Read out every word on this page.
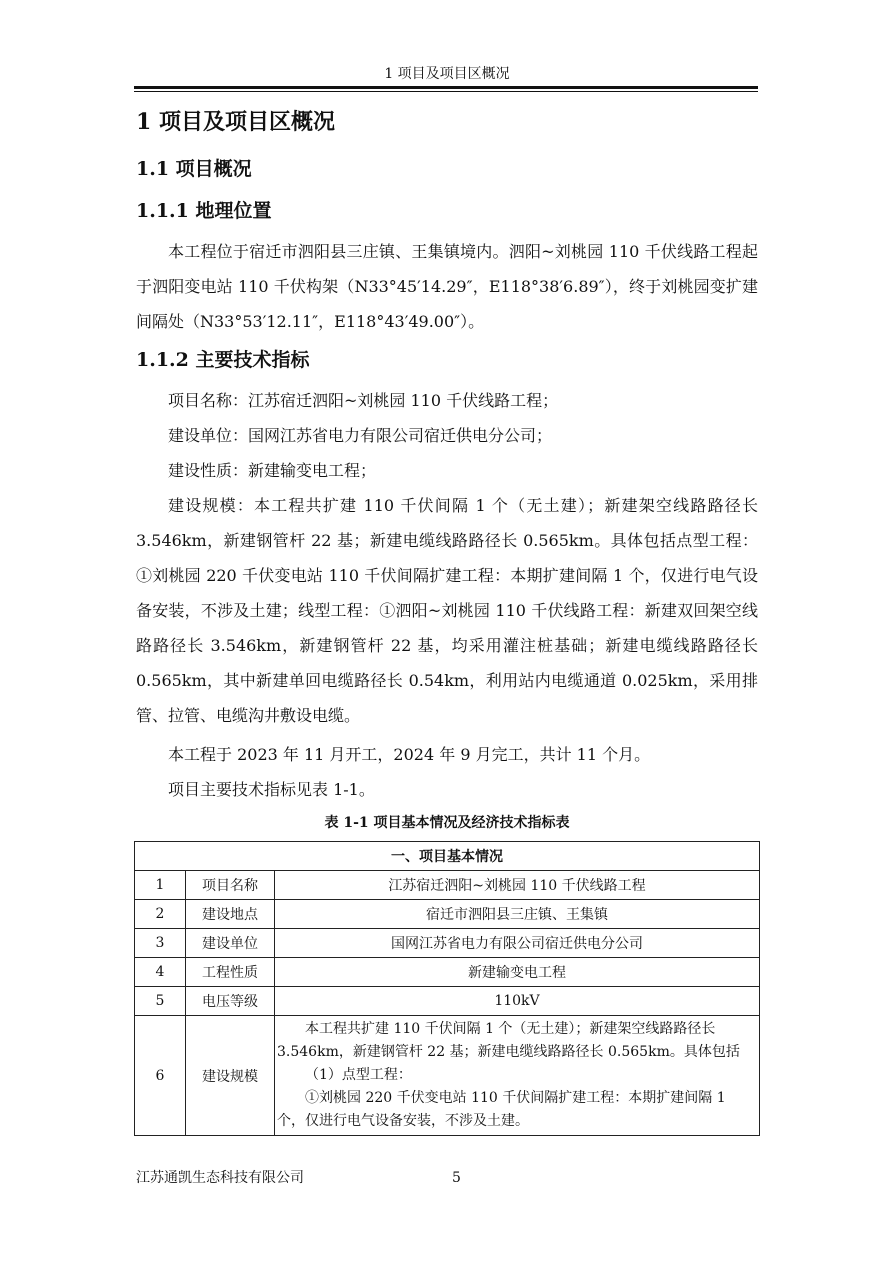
1 项目及项目区概况
1 项目及项目区概况
1.1 项目概况
1.1.1 地理位置

本工程位于宿迁市泗阳县三庄镇、王集镇境内。泗阳~刘桃园 110 千伏线路工程起于泗阳变电站 110 千伏构架（N33°45′14.29″，E118°38′6.89″），终于刘桃园变扩建间隔处（N33°53′12.11″，E118°43′49.00″）。

1.1.2 主要技术指标

项目名称：江苏宿迁泗阳~刘桃园 110 千伏线路工程；

建设单位：国网江苏省电力有限公司宿迁供电分公司；

建设性质：新建输变电工程；

建设规模：本工程共扩建 110 千伏间隔 1 个（无土建）；新建架空线路路径长 3.546km，新建钢管杆 22 基；新建电缆线路路径长 0.565km。具体包括点型工程：①刘桃园 220 千伏变电站 110 千伏间隔扩建工程：本期扩建间隔 1 个，仅进行电气设备安装，不涉及土建；线型工程：①泗阳~刘桃园 110 千伏线路工程：新建双回架空线路路径长 3.546km，新建钢管杆 22 基，均采用灌注桩基础；新建电缆线路路径长 0.565km，其中新建单回电缆路径长 0.54km，利用站内电缆通道 0.025km，采用排管、拉管、电缆沟井敷设电缆。

本工程于 2023 年 11 月开工，2024 年 9 月完工，共计 11 个月。

项目主要技术指标见表 1-1。

表 1-1 项目基本情况及经济技术指标表
一、项目基本情况		
1	项目名称	江苏宿迁泗阳~刘桃园 110 千伏线路工程
2	建设地点	宿迁市泗阳县三庄镇、王集镇
3	建设单位	国网江苏省电力有限公司宿迁供电分公司
4	工程性质	新建输变电工程
5	电压等级	110kV
6	建设规模	本工程共扩建 110 千伏间隔 1 个（无土建）；新建架空线路路径长 3.546km，新建钢管杆 22 基；新建电缆线路路径长 0.565km。具体包括
（1）点型工程：
①刘桃园 220 千伏变电站 110 千伏间隔扩建工程：本期扩建间隔 1 个，仅进行电气设备安装，不涉及土建。
江苏通凯生态科技有限公司	5
